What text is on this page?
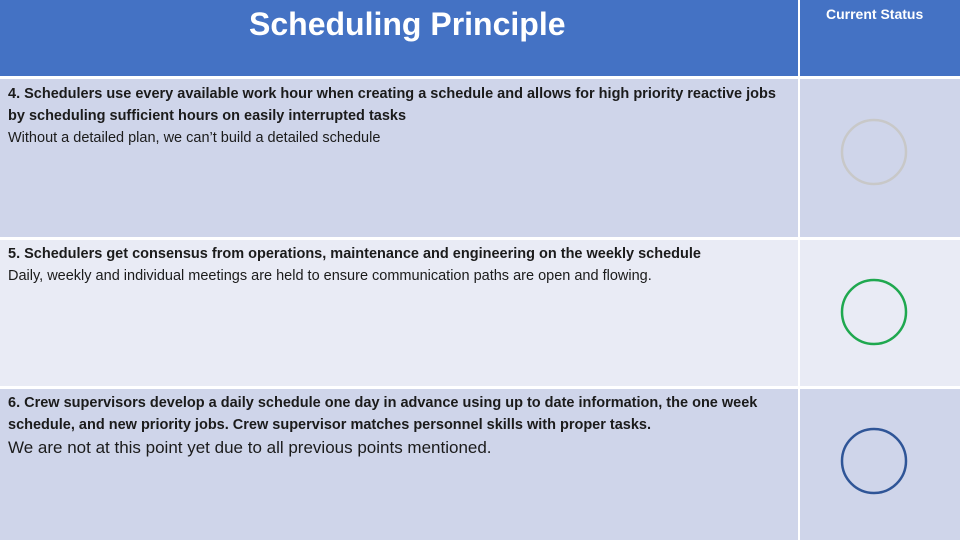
Scheduling Principle	Current Status
4. Schedulers use every available work hour when creating a schedule and allows for high priority reactive jobs by scheduling sufficient hours on easily interrupted tasks
Without a detailed plan, we can’t build a detailed schedule
5. Schedulers get consensus from operations, maintenance and engineering on the weekly schedule
Daily, weekly and individual meetings are held to ensure communication paths are open and flowing.
6. Crew supervisors develop a daily schedule one day in advance using up to date information, the one week schedule, and new priority jobs. Crew supervisor matches personnel skills with proper tasks.
We are not at this point yet due to all previous points mentioned.
